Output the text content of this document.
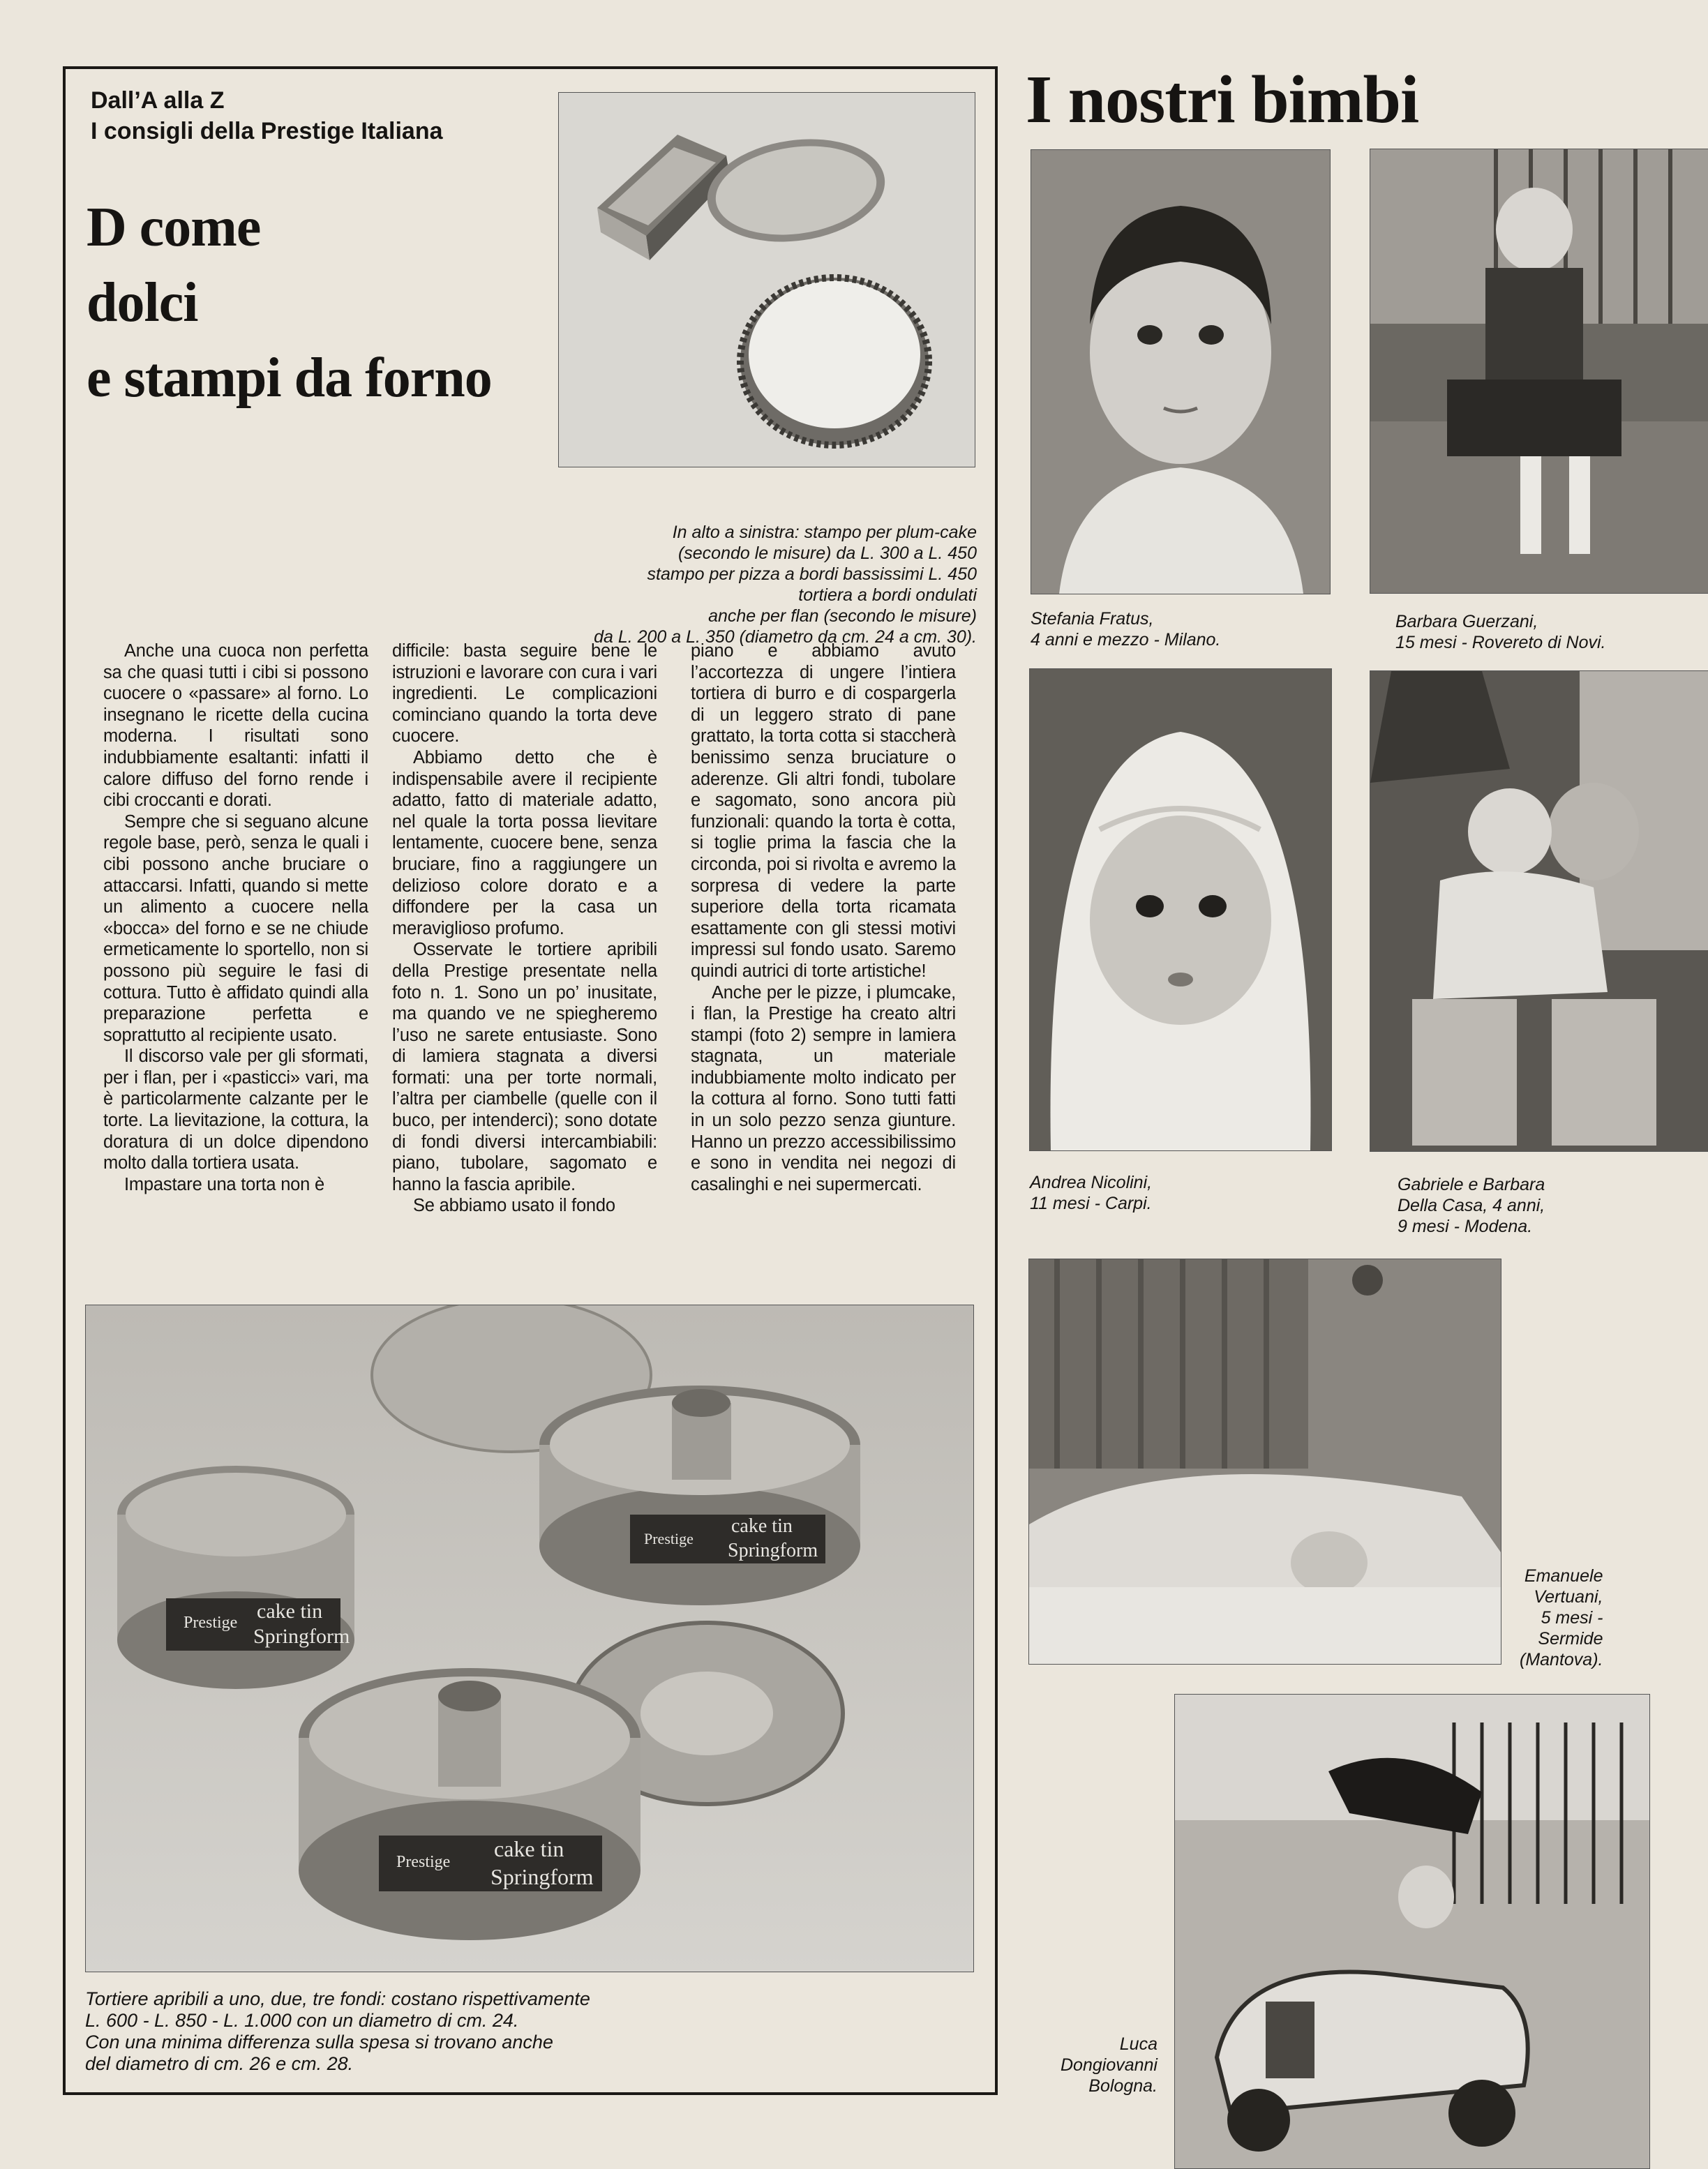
Dall’A alla Z
I consigli della Prestige Italiana
D come
dolci
e stampi da forno
In alto a sinistra: stampo per plum-cake
(secondo le misure) da L. 300 a L. 450
stampo per pizza a bordi bassissimi L. 450
tortiera a bordi ondulati
anche per flan (secondo le misure)
da L. 200 a L. 350 (diametro da cm. 24 a cm. 30).

Anche una cuoca non perfetta sa che quasi tutti i cibi si possono cuocere o «passare» al forno. Lo insegnano le ricette della cucina moderna. I risultati sono indubbiamente esaltanti: infatti il calore diffuso del forno rende i cibi croccanti e dorati.

Sempre che si seguano alcune regole base, però, senza le quali i cibi possono anche bruciare o attaccarsi. Infatti, quando si mette un alimento a cuocere nella «bocca» del forno e se ne chiude ermeticamente lo sportello, non si possono più seguire le fasi di cottura. Tutto è affidato quindi alla preparazione perfetta e soprattutto al recipiente usato.

Il discorso vale per gli sformati, per i flan, per i «pasticci» vari, ma è particolarmente calzante per le torte. La lievitazione, la cottura, la doratura di un dolce dipendono molto dalla tortiera usata.

Impastare una torta non è

difficile: basta seguire bene le istruzioni e lavorare con cura i vari ingredienti. Le complicazioni cominciano quando la torta deve cuocere.

Abbiamo detto che è indispensabile avere il recipiente adatto, fatto di materiale adatto, nel quale la torta possa lievitare lentamente, cuocere bene, senza bruciare, fino a raggiungere un delizioso colore dorato e a diffondere per la casa un meraviglioso profumo.

Osservate le tortiere apribili della Prestige presentate nella foto n. 1. Sono un po’ inusitate, ma quando ve ne spiegheremo l’uso ne sarete entusiaste. Sono di lamiera stagnata a diversi formati: una per torte normali, l’altra per ciambelle (quelle con il buco, per intenderci); sono dotate di fondi diversi intercambiabili: piano, tubolare, sagomato e hanno la fascia apribile.

Se abbiamo usato il fondo

piano e abbiamo avuto l’accortezza di ungere l’intiera tortiera di burro e di cospargerla di un leggero strato di pane grattato, la torta cotta si staccherà benissimo senza bruciature o aderenze. Gli altri fondi, tubolare e sagomato, sono ancora più funzionali: quando la torta è cotta, si toglie prima la fascia che la circonda, poi si rivolta e avremo la sorpresa di vedere la parte superiore della torta ricamata esattamente con gli stessi motivi impressi sul fondo usato. Saremo quindi autrici di torte artistiche!

Anche per le pizze, i plumcake, i flan, la Prestige ha creato altri stampi (foto 2) sempre in lamiera stagnata, un materiale indubbiamente molto indicato per la cottura al forno. Sono tutti fatti in un solo pezzo senza giunture. Hanno un prezzo accessibilissimo e sono in vendita nei negozi di casalinghi e nei supermercati.

Prestige cake tin
Springform
Prestige
cake tin
Springform
Prestige
cake tin
Springform
Tortiere apribili a uno, due, tre fondi: costano rispettivamente
L. 600 - L. 850 - L. 1.000 con un diametro di cm. 24.
Con una minima differenza sulla spesa si trovano anche
del diametro di cm. 26 e cm. 28.
I nostri bimbi
Stefania Fratus,
4 anni e mezzo - Milano.
Barbara Guerzani,
15 mesi - Rovereto di Novi.
Andrea Nicolini,
11 mesi - Carpi.
Gabriele e Barbara
Della Casa, 4 anni,
9 mesi - Modena.
Emanuele
Vertuani,
5 mesi -
Sermide
(Mantova).
Luca
Dongiovanni
Bologna.
